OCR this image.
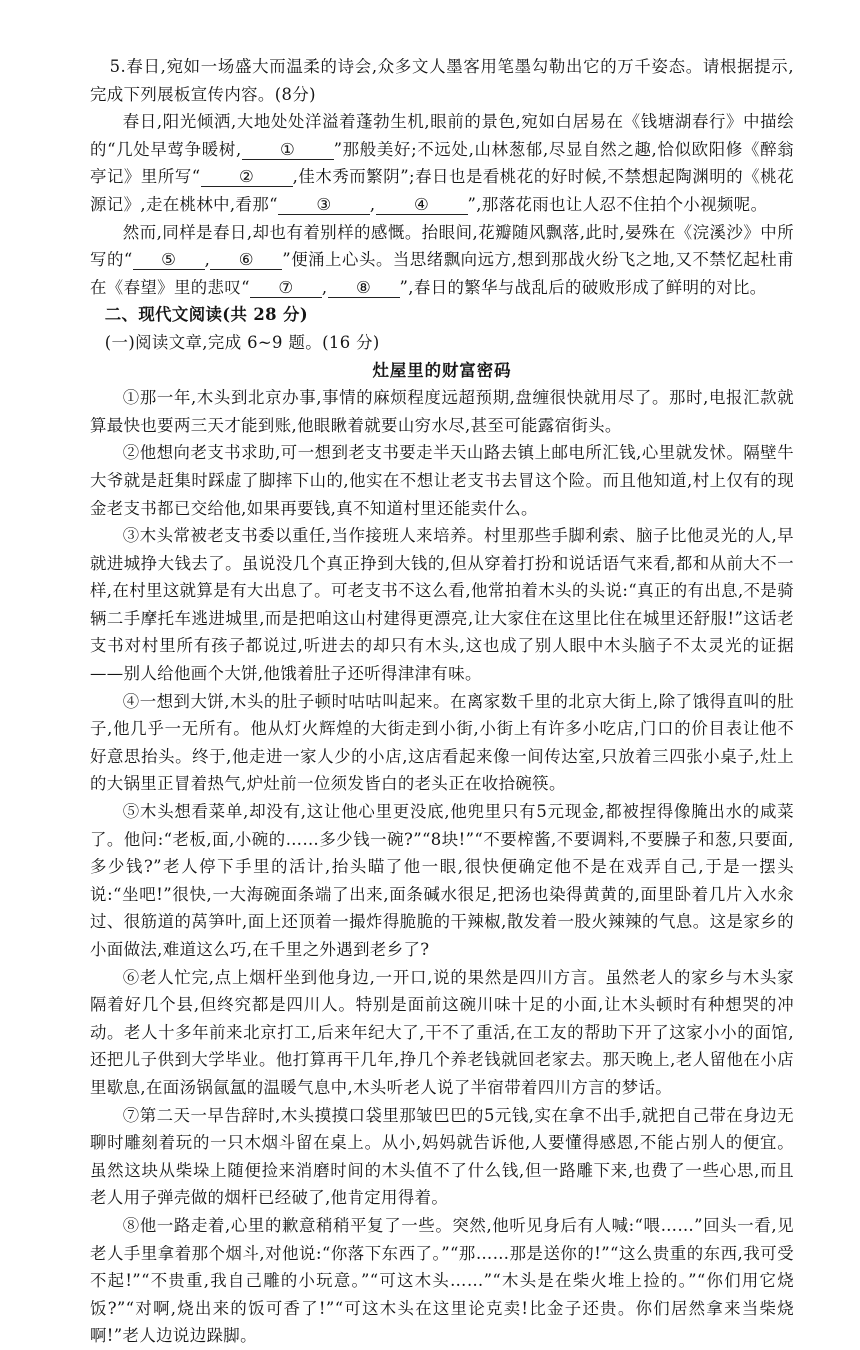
5.春日,宛如一场盛大而温柔的诗会,众多文人墨客用笔墨勾勒出它的万千姿态。请根据提示,完成下列展板宣传内容。(8分)

春日,阳光倾洒,大地处处洋溢着蓬勃生机,眼前的景色,宛如白居易在《钱塘湖春行》中描绘的“几处早莺争暖树, ① ”那般美好;不远处,山林葱郁,尽显自然之趣,恰似欧阳修《醉翁亭记》里所写“ ② ,佳木秀而繁阴”;春日也是看桃花的好时候,不禁想起陶渊明的《桃花源记》,走在桃林中,看那“ ③ , ④ ”,那落花雨也让人忍不住拍个小视频呢。

然而,同样是春日,却也有着别样的感慨。抬眼间,花瓣随风飘落,此时,晏殊在《浣溪沙》中所写的“ ⑤ , ⑥ ”便涌上心头。当思绪飘向远方,想到那战火纷飞之地,又不禁忆起杜甫在《春望》里的悲叹“ ⑦ , ⑧ ”,春日的繁华与战乱后的破败形成了鲜明的对比。

二、现代文阅读(共 28 分)

(一)阅读文章,完成 6~9 题。(16 分)

灶屋里的财富密码

①那一年,木头到北京办事,事情的麻烦程度远超预期,盘缠很快就用尽了。那时,电报汇款就算最快也要两三天才能到账,他眼瞅着就要山穷水尽,甚至可能露宿街头。

②他想向老支书求助,可一想到老支书要走半天山路去镇上邮电所汇钱,心里就发怵。隔壁牛大爷就是赶集时踩虚了脚摔下山的,他实在不想让老支书去冒这个险。而且他知道,村上仅有的现金老支书都已交给他,如果再要钱,真不知道村里还能卖什么。

③木头常被老支书委以重任,当作接班人来培养。村里那些手脚利索、脑子比他灵光的人,早就进城挣大钱去了。虽说没几个真正挣到大钱的,但从穿着打扮和说话语气来看,都和从前大不一样,在村里这就算是有大出息了。可老支书不这么看,他常拍着木头的头说:“真正的有出息,不是骑辆二手摩托车逃进城里,而是把咱这山村建得更漂亮,让大家住在这里比住在城里还舒服!”这话老支书对村里所有孩子都说过,听进去的却只有木头,这也成了别人眼中木头脑子不太灵光的证据——别人给他画个大饼,他饿着肚子还听得津津有味。

④一想到大饼,木头的肚子顿时咕咕叫起来。在离家数千里的北京大街上,除了饿得直叫的肚子,他几乎一无所有。他从灯火辉煌的大街走到小街,小街上有许多小吃店,门口的价目表让他不好意思抬头。终于,他走进一家人少的小店,这店看起来像一间传达室,只放着三四张小桌子,灶上的大锅里正冒着热气,炉灶前一位须发皆白的老头正在收拾碗筷。

⑤木头想看菜单,却没有,这让他心里更没底,他兜里只有5元现金,都被捏得像腌出水的咸菜了。他问:“老板,面,小碗的……多少钱一碗?”“8块!”“不要榨酱,不要调料,不要臊子和葱,只要面,多少钱?”老人停下手里的活计,抬头瞄了他一眼,很快便确定他不是在戏弄自己,于是一摆头说:“坐吧!”很快,一大海碗面条端了出来,面条碱水很足,把汤也染得黄黄的,面里卧着几片入水汆过、很筋道的莴笋叶,面上还顶着一撮炸得脆脆的干辣椒,散发着一股火辣辣的气息。这是家乡的小面做法,难道这么巧,在千里之外遇到老乡了?

⑥老人忙完,点上烟杆坐到他身边,一开口,说的果然是四川方言。虽然老人的家乡与木头家隔着好几个县,但终究都是四川人。特别是面前这碗川味十足的小面,让木头顿时有种想哭的冲动。老人十多年前来北京打工,后来年纪大了,干不了重活,在工友的帮助下开了这家小小的面馆,还把儿子供到大学毕业。他打算再干几年,挣几个养老钱就回老家去。那天晚上,老人留他在小店里歇息,在面汤锅氤氲的温暖气息中,木头听老人说了半宿带着四川方言的梦话。

⑦第二天一早告辞时,木头摸摸口袋里那皱巴巴的5元钱,实在拿不出手,就把自己带在身边无聊时雕刻着玩的一只木烟斗留在桌上。从小,妈妈就告诉他,人要懂得感恩,不能占别人的便宜。虽然这块从柴垛上随便捡来消磨时间的木头值不了什么钱,但一路雕下来,也费了一些心思,而且老人用子弹壳做的烟杆已经破了,他肯定用得着。

⑧他一路走着,心里的歉意稍稍平复了一些。突然,他听见身后有人喊:“喂……”回头一看,见老人手里拿着那个烟斗,对他说:“你落下东西了。”“那……那是送你的!”“这么贵重的东西,我可受不起!”“不贵重,我自己雕的小玩意。”“可这木头……”“木头是在柴火堆上捡的。”“你们用它烧饭?”“对啊,烧出来的饭可香了!”“可这木头在这里论克卖!比金子还贵。你们居然拿来当柴烧啊!”老人边说边跺脚。
